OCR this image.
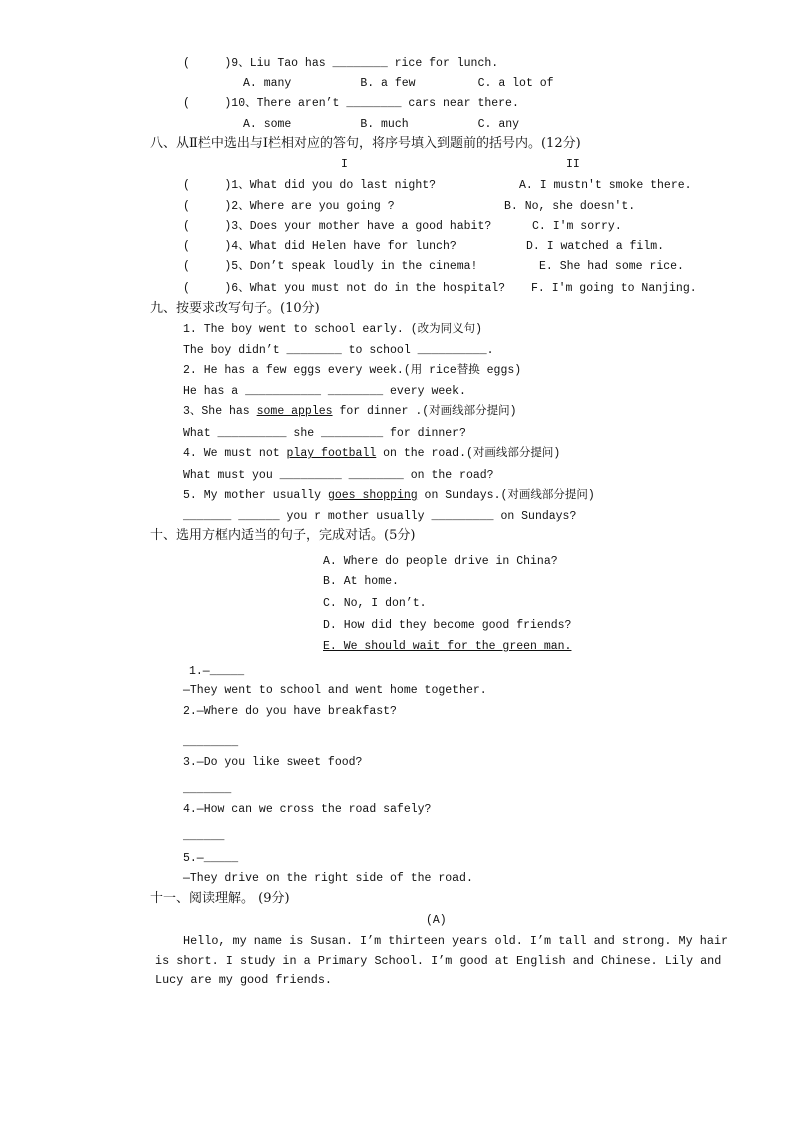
(     )9、Liu Tao has ________ rice for lunch.
A. many          B. a few         C. a lot of
(     )10、There aren’t ________ cars near there.
A. some          B. much          C. any
八、从Ⅱ栏中选出与Ⅰ栏相对应的答句，将序号填入到题前的括号内。(12分)
I	II
(     )1、What did you do last night?	A. I mustn't smoke there.
(     )2、Where are you going ?	B. No, she doesn't.
(     )3、Does your mother have a good habit?	C. I'm sorry.
(     )4、What did Helen have for lunch?	D. I watched a film.
(     )5、Don’t speak loudly in the cinema!	E. She had some rice.
(     )6、What you must not do in the hospital? F. I'm going to Nanjing.
九、按要求改写句子。(10分)
1. The boy went to school early. (改为同义句)
The boy didn’t ________ to school __________.
2. He has a few eggs every week.(用 rice替换 eggs)
He has a ___________ ________ every week.
3、She has some apples for dinner .(对画线部分提问)
What __________ she _________ for dinner?
4. We must not play football on the road.(对画线部分提问)
What must you _________ ________ on the road?
5. My mother usually goes shopping on Sundays.(对画线部分提问)
_______ ______ you r mother usually _________ on Sundays?
十、选用方框内适当的句子，完成对话。(5分)
A. Where do people drive in China?
B. At home.
C. No, I don’t.
D. How did they become good friends?
E. We should wait for the green man.
1.—_____
—They went to school and went home together.
2.—Where do you have breakfast?
________
3.—Do you like sweet food?
_______
4.—How can we cross the road safely?
______
5.—_____
—They drive on the right side of the road.
十一、阅读理解。 (9分)
(A)
Hello, my name is Susan. I’m thirteen years old. I’m tall and strong. My hair is short. I study in a Primary School. I’m good at English and Chinese. Lily and Lucy are my good friends.
